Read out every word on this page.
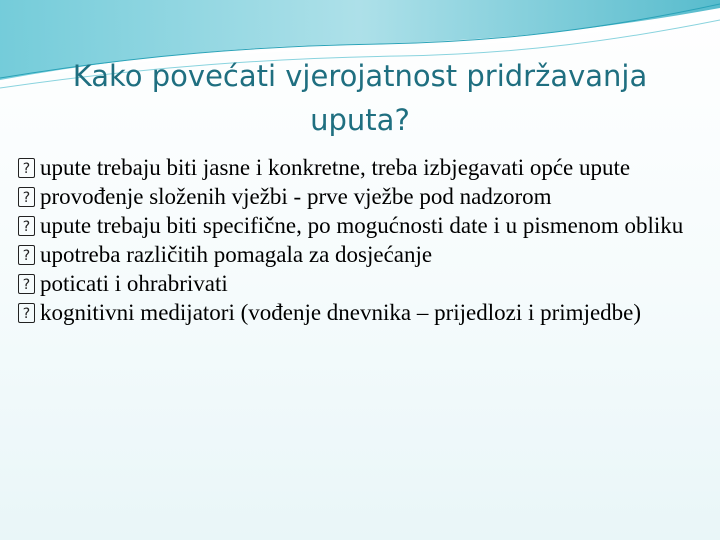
Kako povećati vjerojatnost pridržavanja uputa?
? upute trebaju biti jasne i konkretne, treba izbjegavati opće upute
? provođenje složenih vježbi - prve vježbe pod nadzorom
? upute trebaju biti specifične, po mogućnosti date i u pismenom obliku
? upotreba različitih pomagala za dosjećanje
? poticati i ohrabrivati
? kognitivni medijatori (vođenje dnevnika – prijedlozi i primjedbe)
